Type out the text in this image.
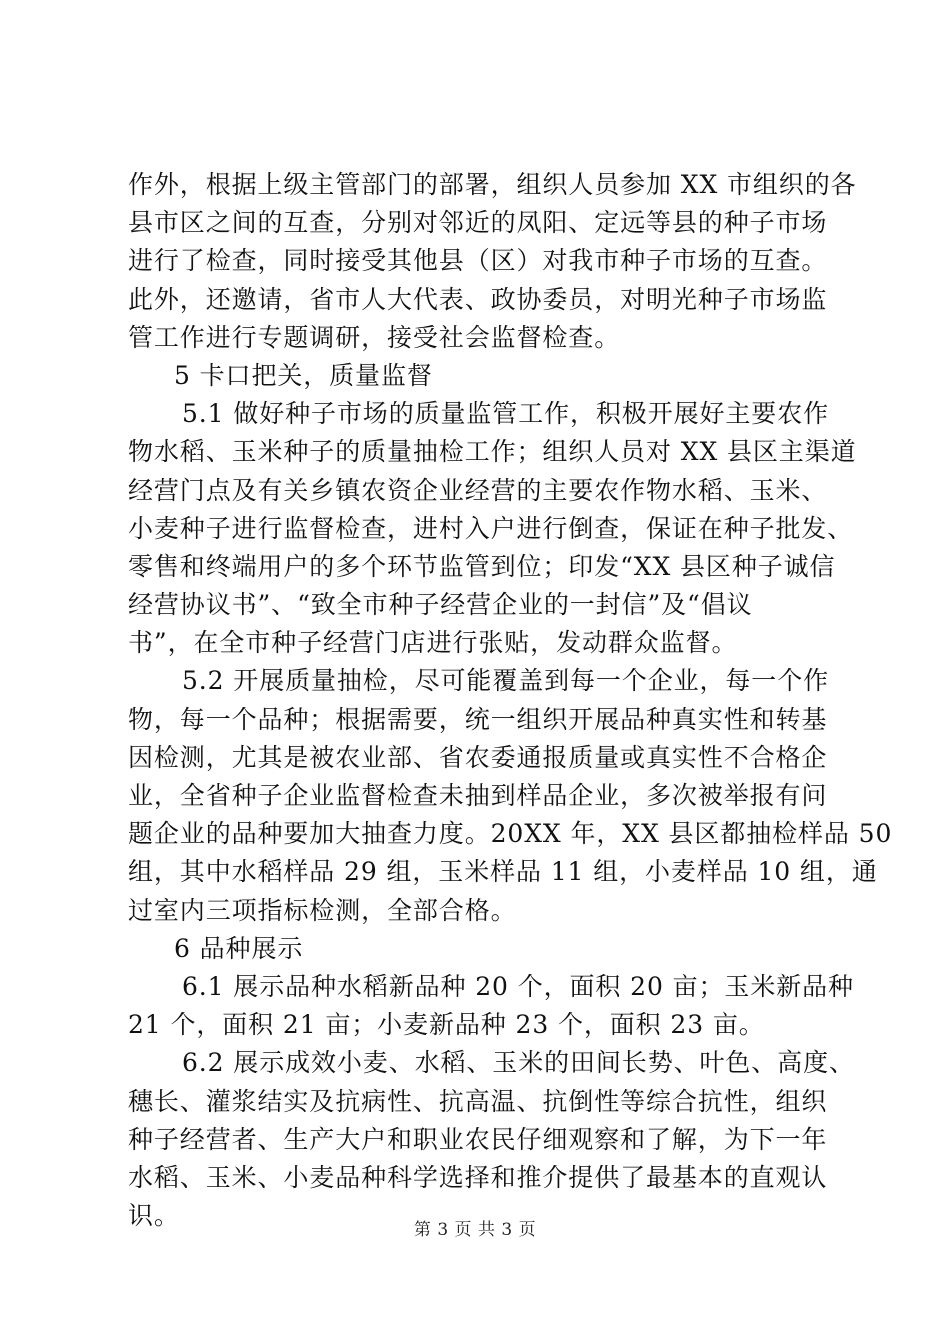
作外，根据上级主管部门的部署，组织人员参加 XX 市组织的各
县市区之间的互查，分别对邻近的凤阳、定远等县的种子市场
进行了检查，同时接受其他县（区）对我市种子市场的互查。
此外，还邀请，省市人大代表、政协委员，对明光种子市场监
管工作进行专题调研，接受社会监督检查。
5 卡口把关，质量监督
5.1 做好种子市场的质量监管工作，积极开展好主要农作
物水稻、玉米种子的质量抽检工作；组织人员对 XX 县区主渠道
经营门点及有关乡镇农资企业经营的主要农作物水稻、玉米、
小麦种子进行监督检查，进村入户进行倒查，保证在种子批发、
零售和终端用户的多个环节监管到位；印发“XX 县区种子诚信
经营协议书”、“致全市种子经营企业的一封信”及“倡议
书”，在全市种子经营门店进行张贴，发动群众监督。
5.2 开展质量抽检，尽可能覆盖到每一个企业，每一个作
物，每一个品种；根据需要，统一组织开展品种真实性和转基
因检测，尤其是被农业部、省农委通报质量或真实性不合格企
业，全省种子企业监督检查未抽到样品企业，多次被举报有问
题企业的品种要加大抽查力度。20XX 年，XX 县区都抽检样品 50
组，其中水稻样品 29 组，玉米样品 11 组，小麦样品 10 组，通
过室内三项指标检测，全部合格。
6 品种展示
6.1 展示品种水稻新品种 20 个，面积 20 亩；玉米新品种
21 个，面积 21 亩；小麦新品种 23 个，面积 23 亩。
6.2 展示成效小麦、水稻、玉米的田间长势、叶色、高度、
穗长、灌浆结实及抗病性、抗高温、抗倒性等综合抗性，组织
种子经营者、生产大户和职业农民仔细观察和了解，为下一年
水稻、玉米、小麦品种科学选择和推介提供了最基本的直观认
识。	第 3 页 共 3 页
